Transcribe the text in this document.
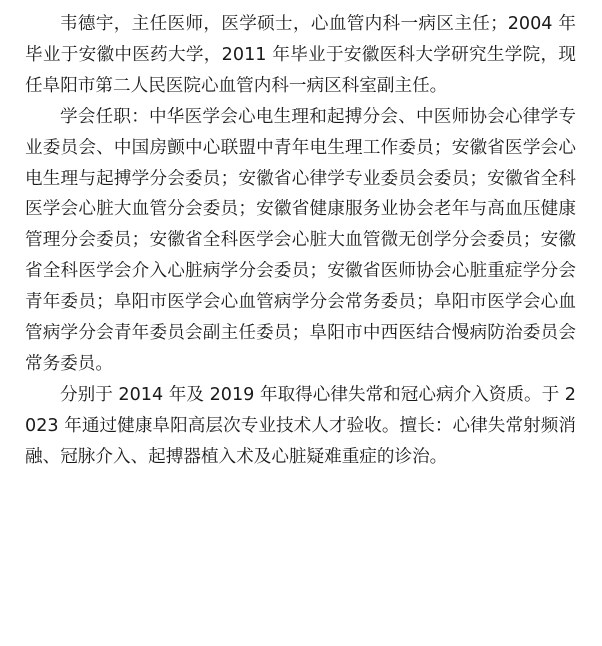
韦德宇，主任医师，医学硕士，心血管内科一病区主任；2004 年毕业于安徽中医药大学，2011 年毕业于安徽医科大学研究生学院，现任阜阳市第二人民医院心血管内科一病区科室副主任。

学会任职：中华医学会心电生理和起搏分会、中医师协会心律学专业委员会、中国房颤中心联盟中青年电生理工作委员；安徽省医学会心电生理与起搏学分会委员；安徽省心律学专业委员会委员；安徽省全科医学会心脏大血管分会委员；安徽省健康服务业协会老年与高血压健康管理分会委员；安徽省全科医学会心脏大血管微无创学分会委员；安徽省全科医学会介入心脏病学分会委员；安徽省医师协会心脏重症学分会青年委员；阜阳市医学会心血管病学分会常务委员；阜阳市医学会心血管病学分会青年委员会副主任委员；阜阳市中西医结合慢病防治委员会常务委员。

分别于 2014 年及 2019 年取得心律失常和冠心病介入资质。于 2023 年通过健康阜阳高层次专业技术人才验收。擅长：心律失常射频消融、冠脉介入、起搏器植入术及心脏疑难重症的诊治。
